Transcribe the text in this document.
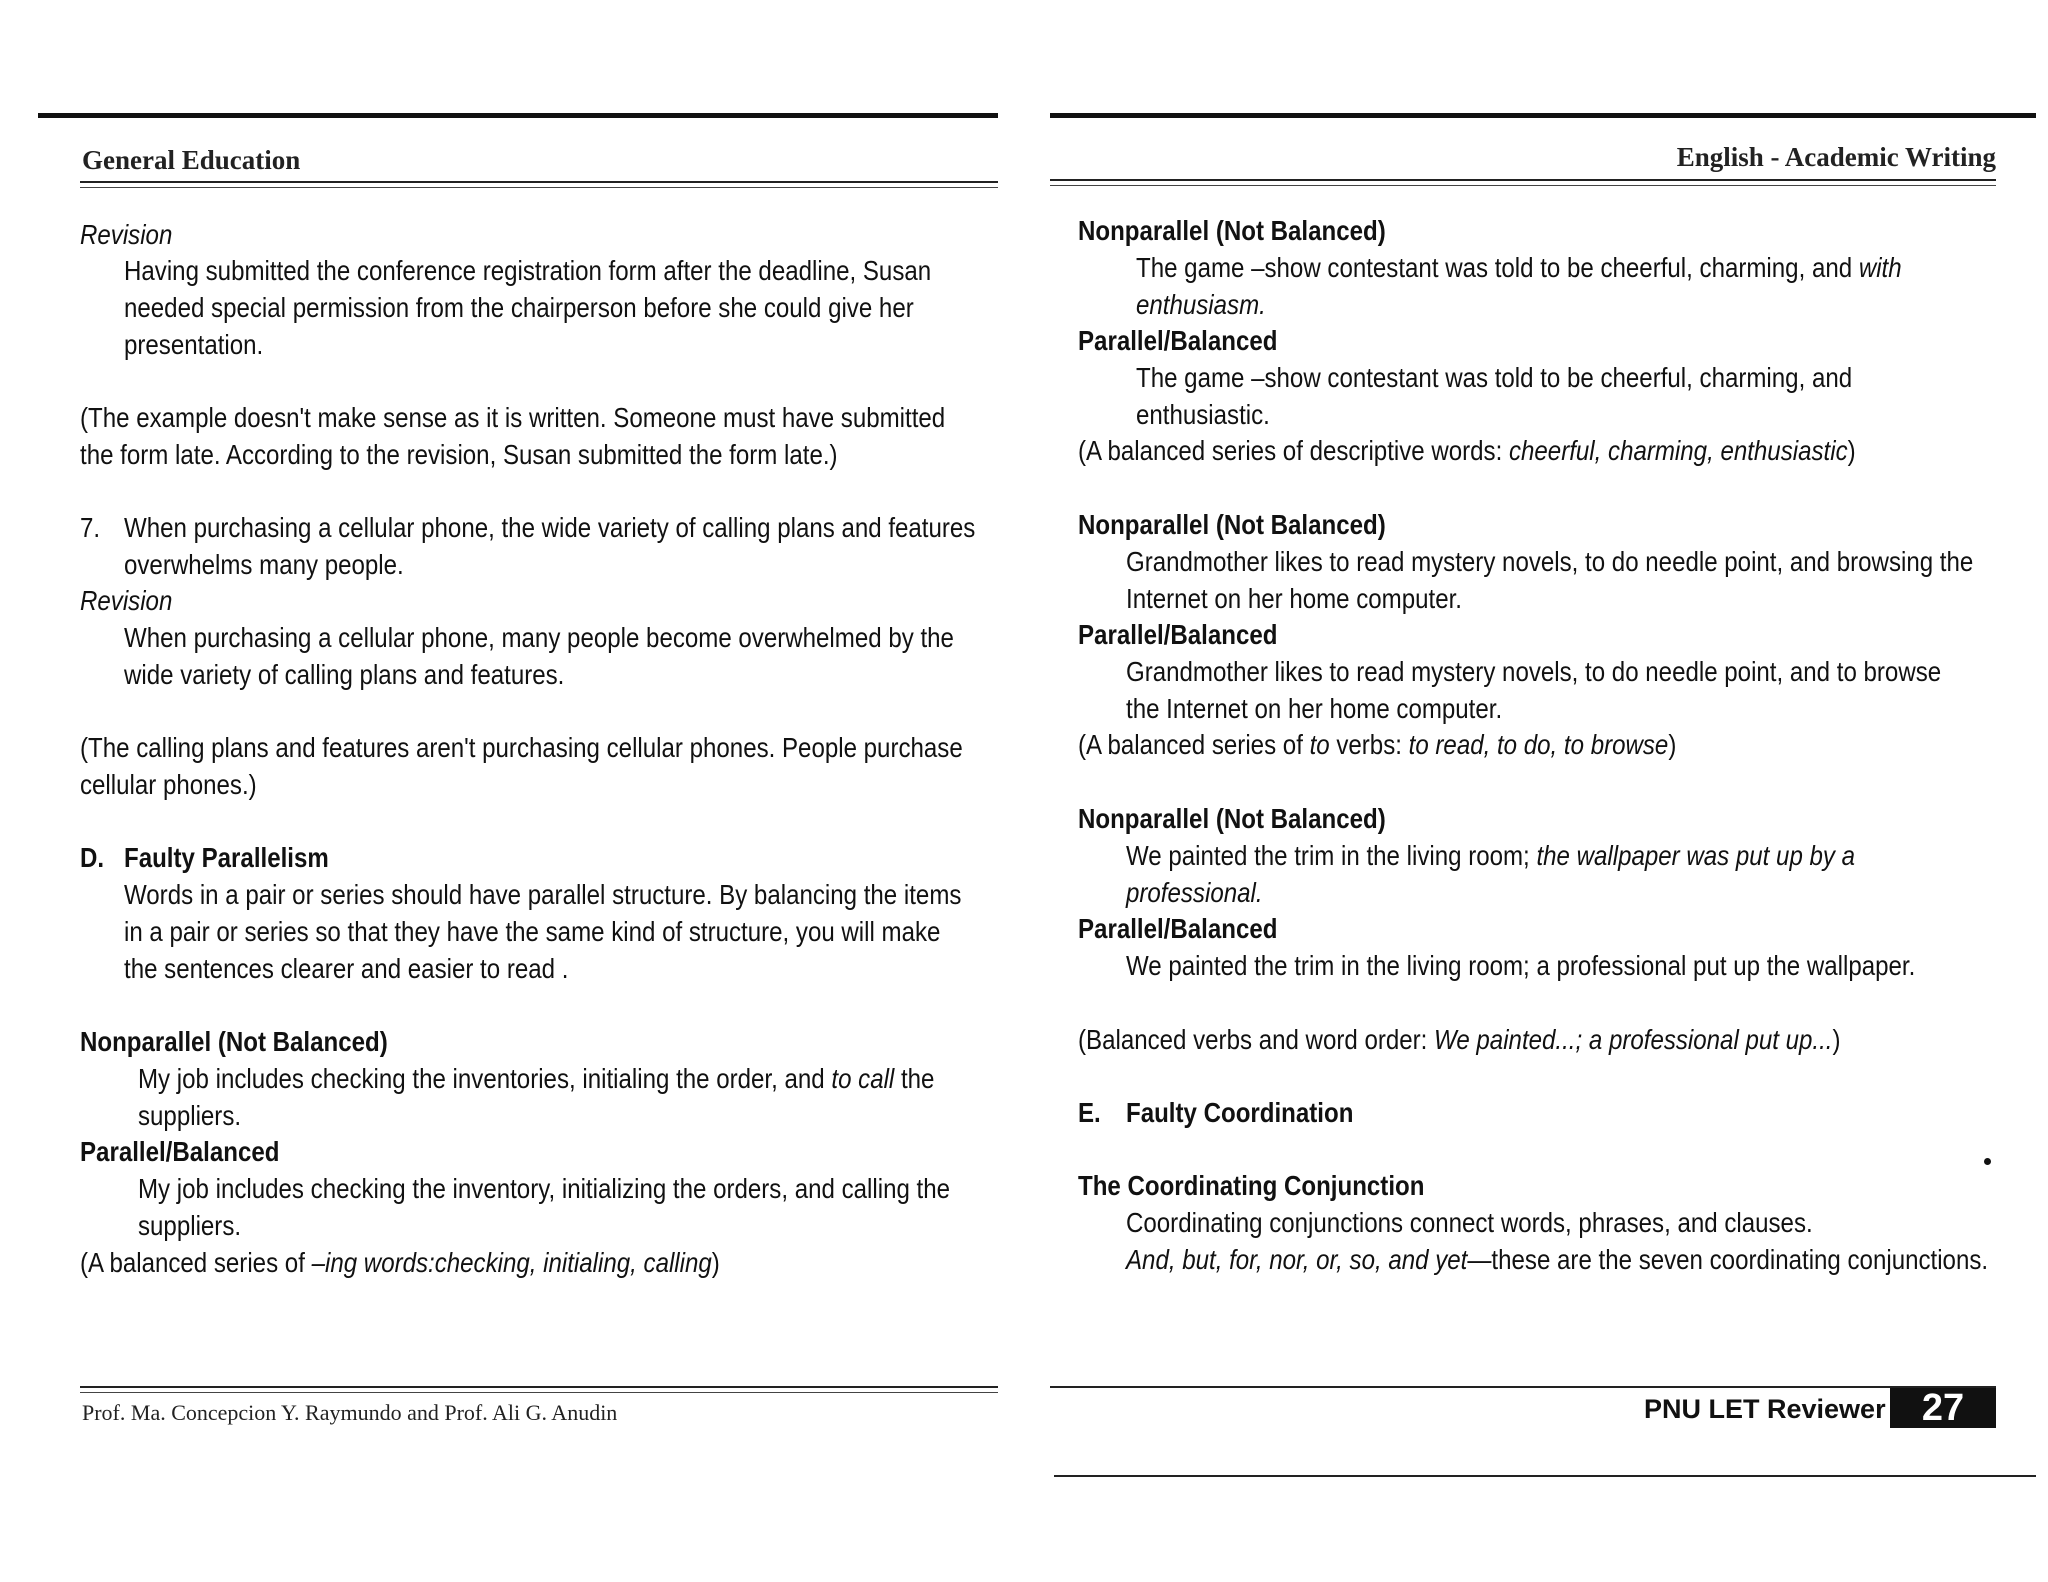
General Education
Revision
Having submitted the conference registration form after the deadline, Susan
needed special permission from the chairperson before she could give her
presentation.
(The example doesn't make sense as it is written. Someone must have submitted
the form late. According to the revision, Susan submitted the form late.)
7. When purchasing a cellular phone, the wide variety of calling plans and features
overwhelms many people.
Revision
When purchasing a cellular phone, many people become overwhelmed by the
wide variety of calling plans and features.
(The calling plans and features aren't purchasing cellular phones. People purchase
cellular phones.)
D. Faulty Parallelism
Words in a pair or series should have parallel structure. By balancing the items
in a pair or series so that they have the same kind of structure, you will make
the sentences clearer and easier to read .
Nonparallel (Not Balanced)
My job includes checking the inventories, initialing the order, and to call the
suppliers.
Parallel/Balanced
My job includes checking the inventory, initializing the orders, and calling the
suppliers.
(A balanced series of –ing words:checking, initialing, calling)
Prof. Ma. Concepcion Y. Raymundo and Prof. Ali G. Anudin
English - Academic Writing
Nonparallel (Not Balanced)
The game –show contestant was told to be cheerful, charming, and with
enthusiasm.
Parallel/Balanced
The game –show contestant was told to be cheerful, charming, and
enthusiastic.
(A balanced series of descriptive words: cheerful, charming, enthusiastic)
Nonparallel (Not Balanced)
Grandmother likes to read mystery novels, to do needle point, and browsing the
Internet on her home computer.
Parallel/Balanced
Grandmother likes to read mystery novels, to do needle point, and to browse
the Internet on her home computer.
(A balanced series of to verbs: to read, to do, to browse)
Nonparallel (Not Balanced)
We painted the trim in the living room; the wallpaper was put up by a
professional.
Parallel/Balanced
We painted the trim in the living room; a professional put up the wallpaper.
(Balanced verbs and word order: We painted...; a professional put up...)
E. Faulty Coordination
The Coordinating Conjunction
Coordinating conjunctions connect words, phrases, and clauses.
And, but, for, nor, or, so, and yet—these are the seven coordinating conjunctions.
PNU LET Reviewer 27
